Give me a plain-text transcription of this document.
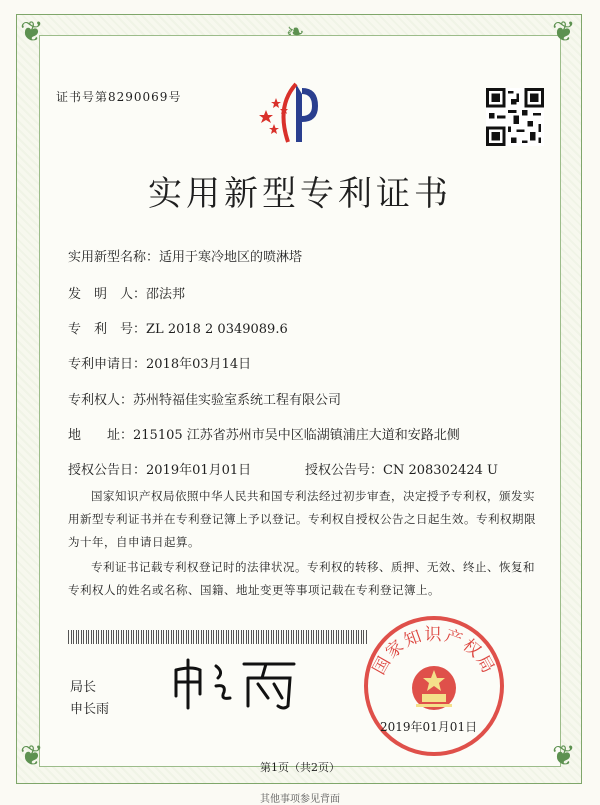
❦	❦
❦	❦
❧
证书号第8290069号
实用新型专利证书
实用新型名称：适用于寒冷地区的喷淋塔
发　明　人：邵法邦
专　利　号：ZL 2018 2 0349089.6
专利申请日：2018年03月14日
专利权人：苏州特福佳实验室系统工程有限公司
地　　址：215105 江苏省苏州市吴中区临湖镇浦庄大道和安路北侧
授权公告日：2019年01月01日	授权公告号：CN 208302424 U
国家知识产权局依照中华人民共和国专利法经过初步审查，决定授予专利权，颁发实用新型专利证书并在专利登记簿上予以登记。专利权自授权公告之日起生效。专利权期限为十年，自申请日起算。
专利证书记载专利权登记时的法律状况。专利权的转移、质押、无效、终止、恢复和专利权人的姓名或名称、国籍、地址变更等事项记载在专利登记簿上。
局长
申长雨
国家知识产权局
2019年01月01日
第1页（共2页）
其他事项参见背面
